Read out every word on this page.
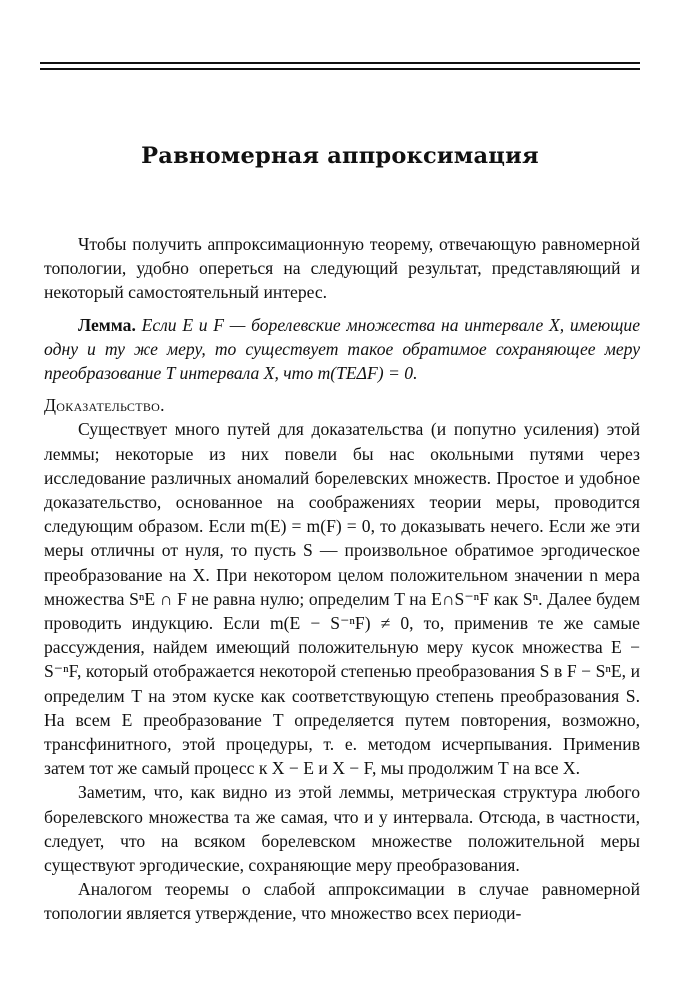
Равномерная аппроксимация

Чтобы получить аппроксимационную теорему, отвечающую равномерной топологии, удобно опереться на следующий результат, представляющий и некоторый самостоятельный интерес.

Лемма. Если E и F — борелевские множества на интервале X, имеющие одну и ту же меру, то существует такое обратимое сохраняющее меру преобразование T интервала X, что m(TEΔF) = 0.

Доказательство.

Существует много путей для доказательства (и попутно усиления) этой леммы; некоторые из них повели бы нас окольными путями через исследование различных аномалий борелевских множеств. Простое и удобное доказательство, основанное на соображениях теории меры, проводится следующим образом. Если m(E) = m(F) = 0, то доказывать нечего. Если же эти меры отличны от нуля, то пусть S — произвольное обратимое эргодическое преобразование на X. При некотором целом положительном значении n мера множества SⁿE ∩ F не равна нулю; определим T на E∩S⁻ⁿF как Sⁿ. Далее будем проводить индукцию. Если m(E − S⁻ⁿF) ≠ 0, то, применив те же самые рассуждения, найдем имеющий положительную меру кусок множества E − S⁻ⁿF, который отображается некоторой степенью преобразования S в F − SⁿE, и определим T на этом куске как соответствующую степень преобразования S. На всем E преобразование T определяется путем повторения, возможно, трансфинитного, этой процедуры, т. е. методом исчерпывания. Применив затем тот же самый процесс к X − E и X − F, мы продолжим T на все X.

Заметим, что, как видно из этой леммы, метрическая структура любого борелевского множества та же самая, что и у интервала. Отсюда, в частности, следует, что на всяком борелевском множестве положительной меры существуют эргодические, сохраняющие меру преобразования.

Аналогом теоремы о слабой аппроксимации в случае равномерной топологии является утверждение, что множество всех периоди-
